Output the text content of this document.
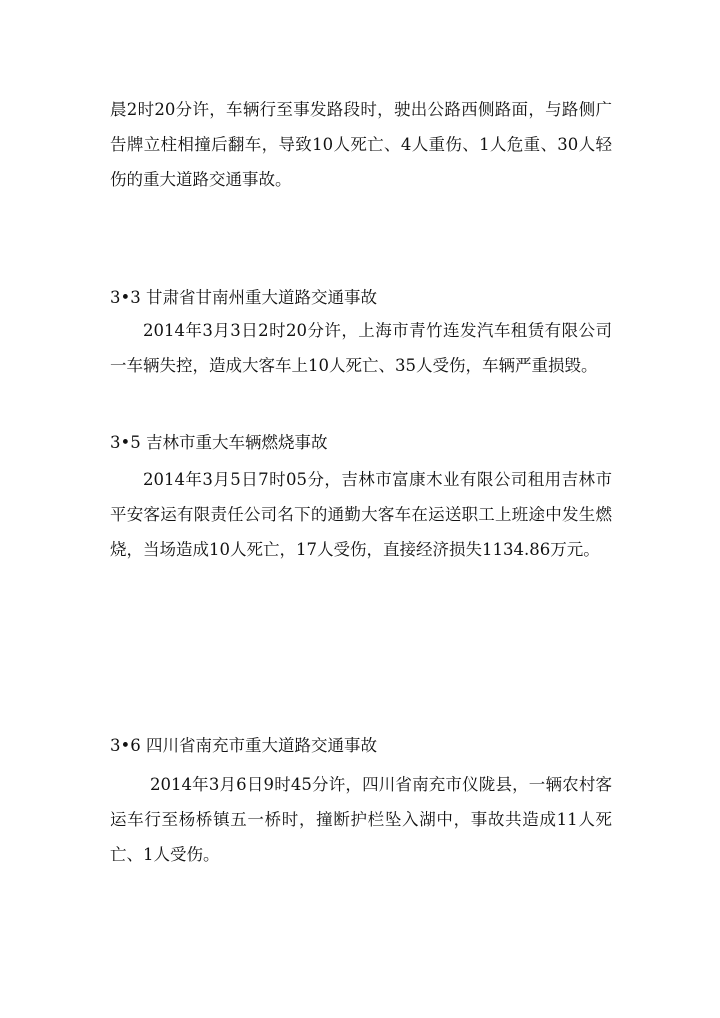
晨2时20分许，车辆行至事发路段时，驶出公路西侧路面，与路侧广告牌立柱相撞后翻车，导致10人死亡、4人重伤、1人危重、30人轻伤的重大道路交通事故。

3•3 甘肃省甘南州重大道路交通事故

2014年3月3日2时20分许，上海市青竹连发汽车租赁有限公司一车辆失控，造成大客车上10人死亡、35人受伤，车辆严重损毁。

3•5 吉林市重大车辆燃烧事故

2014年3月5日7时05分，吉林市富康木业有限公司租用吉林市平安客运有限责任公司名下的通勤大客车在运送职工上班途中发生燃烧，当场造成10人死亡，17人受伤，直接经济损失1134.86万元。

3•6 四川省南充市重大道路交通事故

2014年3月6日9时45分许，四川省南充市仪陇县，一辆农村客运车行至杨桥镇五一桥时，撞断护栏坠入湖中，事故共造成11人死亡、1人受伤。
